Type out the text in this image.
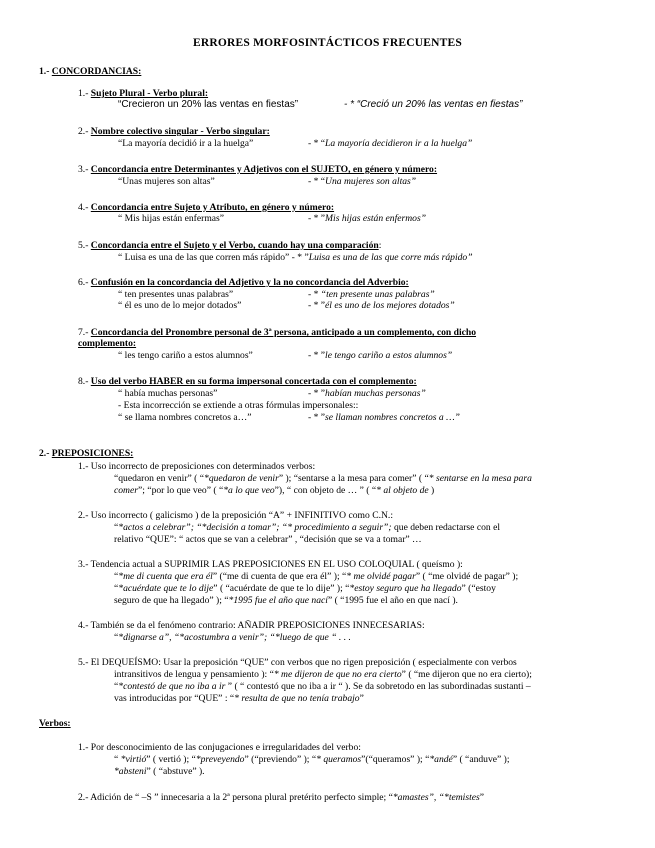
ERRORES MORFOSINTÁCTICOS FRECUENTES
1.- CONCORDANCIAS:
1.- Sujeto Plural - Verbo plural:
“Crecieron un 20% las ventas en fiestas”	- * “Creció un 20% las ventas en fiestas”
2.- Nombre colectivo singular - Verbo singular:
“La mayoría decidió ir a la huelga”	- * “La mayoría decidieron ir a la huelga”
3.- Concordancia entre Determinantes y Adjetivos con el SUJETO, en género y número:
“Unas mujeres son altas”	- * “Una mujeres son altas”
4.- Concordancia entre Sujeto y Atributo, en género y número:
“ Mis hijas están enfermas”	- * ”Mis hijas están enfermos”
5.- Concordancia entre el Sujeto y el Verbo, cuando hay una comparación:
“ Luisa es una de las que corren más rápido” - * ”Luisa es una de las que corre más rápido”
6.- Confusión en la concordancia del Adjetivo y la no concordancia del Adverbio:
“ ten presentes unas palabras”	- * “ten presente unas palabras”
“ él es uno de lo mejor dotados”	- * ”él es uno de los mejores dotados”
7.- Concordancia del Pronombre personal de 3ª persona, anticipado a un complemento, con dicho
complemento:
“ les tengo cariño a estos alumnos”	- * ”le tengo cariño a estos alumnos”
8.- Uso del verbo HABER en su forma impersonal concertada con el complemento:
“ había muchas personas”	- * ”habían muchas personas”
- Esta incorrección se extiende a otras fórmulas impersonales::
“ se llama nombres concretos a…”	- * ”se llaman nombres concretos a …”
2.- PREPOSICIONES:
1.- Uso incorrecto de preposiciones con determinados verbos:
“quedaron en venir” ( “*quedaron de venir” ); “sentarse a la mesa para comer” ( “* sentarse en la mesa para
comer”; “por lo que veo” ( “*a lo que veo”), “ con objeto de … ” ( “* al objeto de )
2.- Uso incorrecto ( galicismo ) de la preposición “A” + INFINITIVO como C.N.:
“*actos a celebrar”; “*decisión a tomar”; “* procedimiento a seguir”; que deben redactarse con el
relativo “QUE”: “ actos que se van a celebrar” , “decisión que se va a tomar” …
3.- Tendencia actual a SUPRIMIR LAS PREPOSICIONES EN EL USO COLOQUIAL ( queísmo ):
“*me di cuenta que era él” (“me di cuenta de que era él” ); “* me olvidé pagar” ( “me olvidé de pagar” );
“*acuérdate que te lo dije” ( “acuérdate de que te lo dije” ); “*estoy seguro que ha llegado” (“estoy
seguro de que ha llegado” ); “*1995 fue el año que nací” ( “1995 fue el año en que nací ).
4.- También se da el fenómeno contrario: AÑADIR PREPOSICIONES INNECESARIAS:
“*dignarse a”, “*acostumbra a venir”; “*luego de que “ . . .
5.- El DEQUEÍSMO: Usar la preposición “QUE” con verbos que no rigen preposición ( especialmente con verbos
intransitivos de lengua y pensamiento ): “* me dijeron de que no era cierto” ( “me dijeron que no era cierto);
“*contestó de que no iba a ir ” ( “ contestó que no iba a ir “ ). Se da sobretodo en las subordinadas sustanti –
vas introducidas por “QUE” : “* resulta de que no tenía trabajo”
Verbos:
1.- Por desconocimiento de las conjugaciones e irregularidades del verbo:
“ *virtió” ( vertió ); “*preveyendo” (“previendo” ); “* queramos”(“queramos” ); “*andé” ( “anduve” );
*absteni” ( “abstuve” ).
2.- Adición de “ –S ” innecesaria a la 2ª persona plural pretérito perfecto simple; “*amastes”, “*temistes”
